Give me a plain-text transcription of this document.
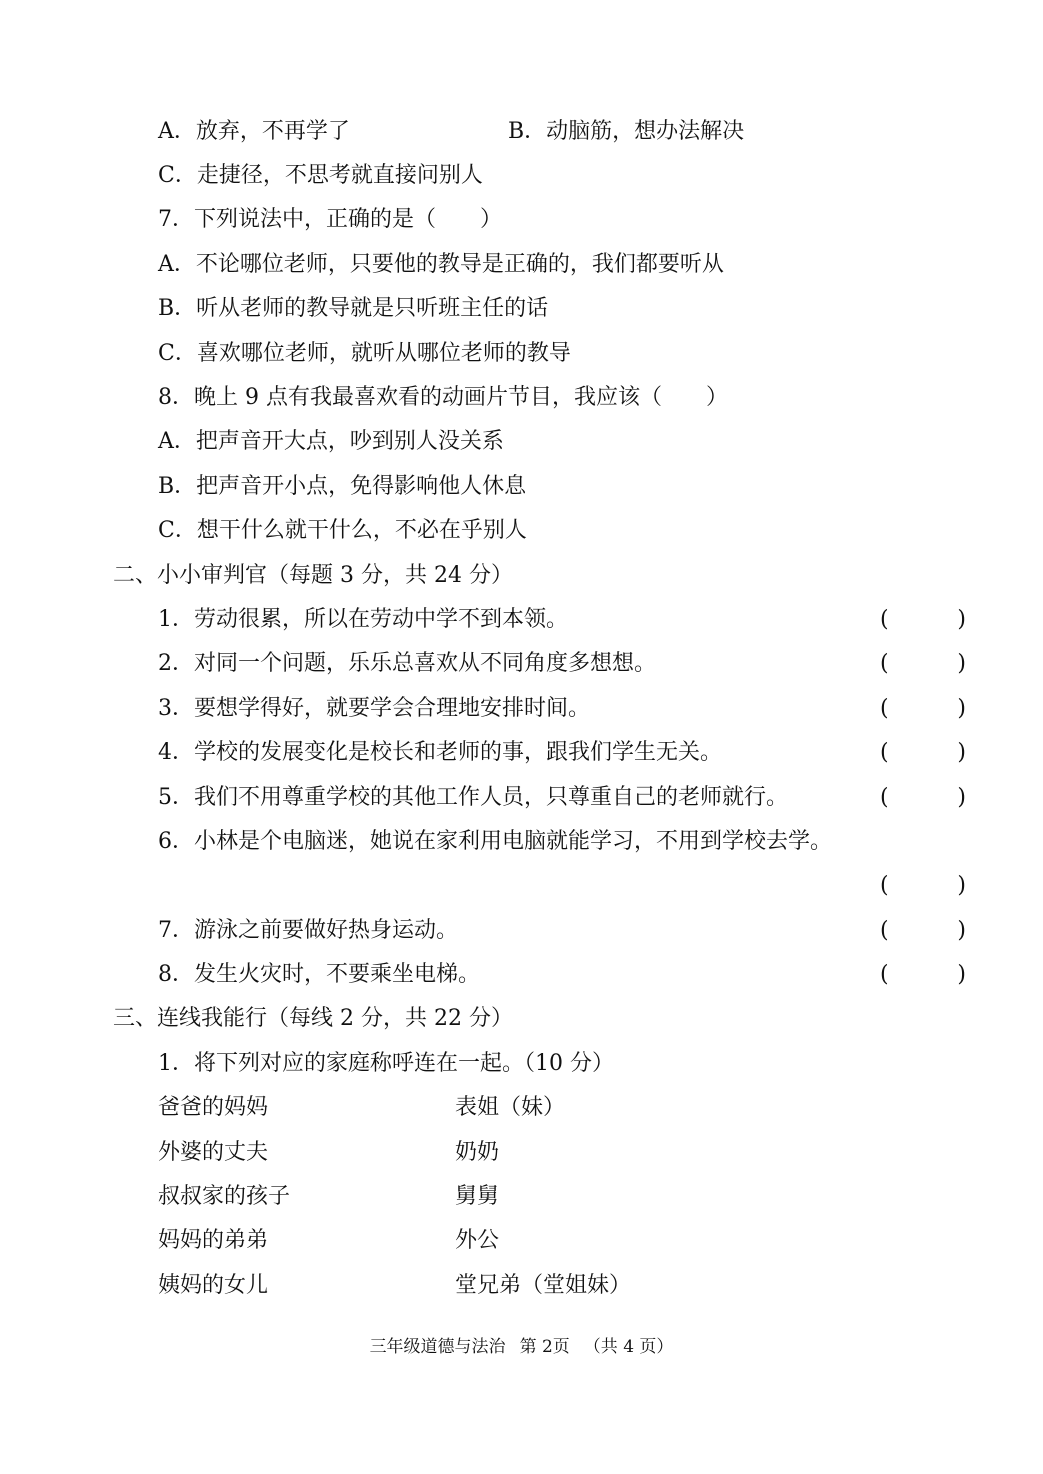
A．放弃，不再学了	B．动脑筋，想办法解决
C．走捷径，不思考就直接问别人
7．下列说法中，正确的是（　　）
A．不论哪位老师，只要他的教导是正确的，我们都要听从
B．听从老师的教导就是只听班主任的话
C．喜欢哪位老师，就听从哪位老师的教导
8．晚上 9 点有我最喜欢看的动画片节目，我应该（　　）
A．把声音开大点，吵到别人没关系
B．把声音开小点，免得影响他人休息
C．想干什么就干什么，不必在乎别人
二、小小审判官（每题 3 分，共 24 分）
1．劳动很累，所以在劳动中学不到本领。	(	)
2．对同一个问题，乐乐总喜欢从不同角度多想想。	(	)
3．要想学得好，就要学会合理地安排时间。	(	)
4．学校的发展变化是校长和老师的事，跟我们学生无关。	(	)
5．我们不用尊重学校的其他工作人员，只尊重自己的老师就行。	(	)
6．小林是个电脑迷，她说在家利用电脑就能学习，不用到学校去学。
(	)
7．游泳之前要做好热身运动。	(	)
8．发生火灾时，不要乘坐电梯。	(	)
三、连线我能行（每线 2 分，共 22 分）
1．将下列对应的家庭称呼连在一起。（10 分）
爸爸的妈妈	表姐（妹）
外婆的丈夫	奶奶
叔叔家的孩子	舅舅
妈妈的弟弟	外公
姨妈的女儿	堂兄弟（堂姐妹）
三年级道德与法治 第 2页 （共 4 页）
